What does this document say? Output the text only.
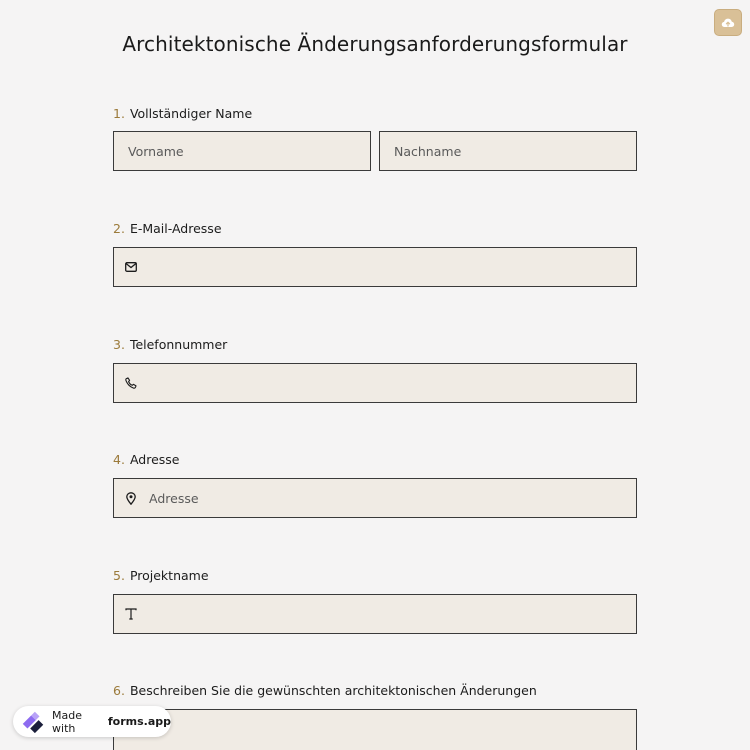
Architektonische Änderungsanforderungsformular
1. Vollständiger Name
Vorname	Nachname
2. E-Mail-Adresse
3. Telefonnummer
4. Adresse
Adresse
5. Projektname
6. Beschreiben Sie die gewünschten architektonischen Änderungen
Made with	forms.app
